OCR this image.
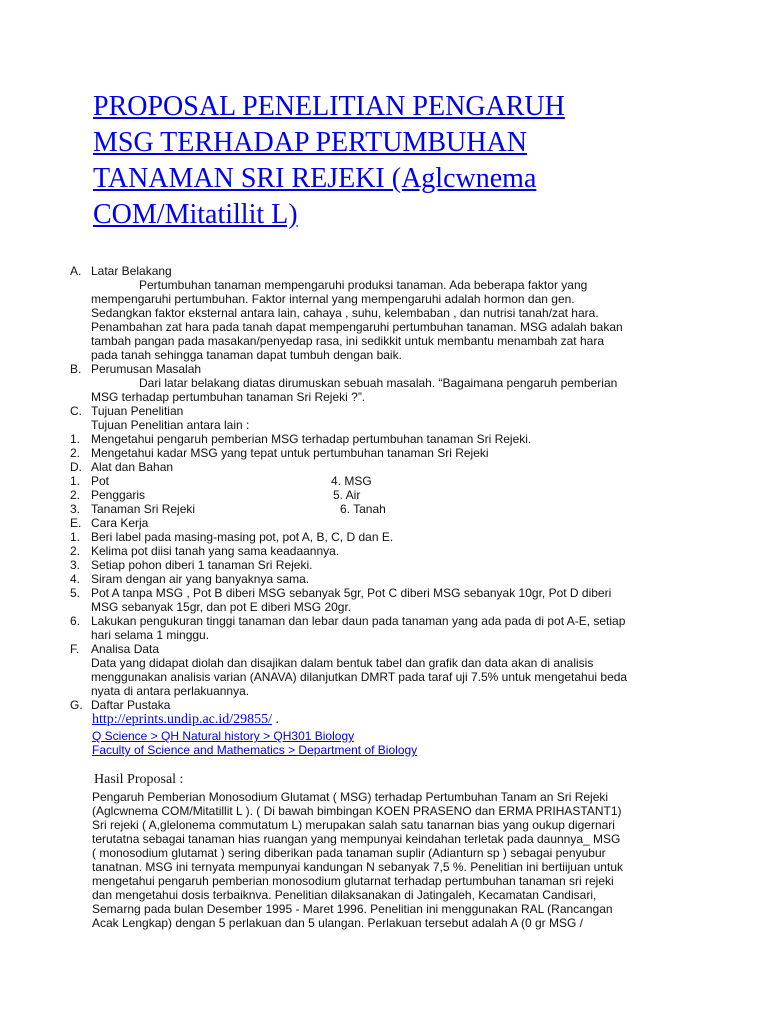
PROPOSAL PENELITIAN PENGARUH
MSG TERHADAP PERTUMBUHAN
TANAMAN SRI REJEKI (Aglcwnema
COM/Mitatillit L)
A. Latar Belakang
Pertumbuhan tanaman mempengaruhi produksi tanaman. Ada beberapa faktor yang
mempengaruhi pertumbuhan. Faktor internal yang mempengaruhi adalah hormon dan gen.
Sedangkan faktor eksternal antara lain, cahaya , suhu, kelembaban , dan nutrisi tanah/zat hara.
Penambahan zat hara pada tanah dapat mempengaruhi pertumbuhan tanaman. MSG adalah bakan
tambah pangan pada masakan/penyedap rasa, ini sedikkit untuk membantu menambah zat hara
pada tanah sehingga tanaman dapat tumbuh dengan baik.
B. Perumusan Masalah
Dari latar belakang diatas dirumuskan sebuah masalah. “Bagaimana pengaruh pemberian
MSG terhadap pertumbuhan tanaman Sri Rejeki ?”.
C. Tujuan Penelitian
Tujuan Penelitian antara lain :
1. Mengetahui pengaruh pemberian MSG terhadap pertumbuhan tanaman Sri Rejeki.
2. Mengetahui kadar MSG yang tepat untuk pertumbuhan tanaman Sri Rejeki
D. Alat dan Bahan
1. Pot	4. MSG
2. Penggaris	5. Air
3. Tanaman Sri Rejeki	6. Tanah
E. Cara Kerja
1. Beri label pada masing-masing pot, pot A, B, C, D dan E.
2. Kelima pot diisi tanah yang sama keadaannya.
3. Setiap pohon diberi 1 tanaman Sri Rejeki.
4. Siram dengan air yang banyaknya sama.
5. Pot A tanpa MSG , Pot B diberi MSG sebanyak 5gr, Pot C diberi MSG sebanyak 10gr, Pot D diberi
MSG sebanyak 15gr, dan pot E diberi MSG 20gr.
6. Lakukan pengukuran tinggi tanaman dan lebar daun pada tanaman yang ada pada di pot A-E, setiap
hari selama 1 minggu.
F. Analisa Data
Data yang didapat diolah dan disajikan dalam bentuk tabel dan grafik dan data akan di analisis
menggunakan analisis varian (ANAVA) dilanjutkan DMRT pada taraf uji 7.5% untuk mengetahui beda
nyata di antara perlakuannya.
G. Daftar Pustaka
http://eprints.undip.ac.id/29855/ .
Q Science > QH Natural history > QH301 Biology
Faculty of Science and Mathematics > Department of Biology
Hasil Proposal :
Pengaruh Pemberian Monosodium Glutamat ( MSG) terhadap Pertumbuhan Tanam an Sri Rejeki
(Aglcwnema COM/Mitatillit L ). ( Di bawah bimbingan KOEN PRASENO dan ERMA PRIHASTANT1)
Sri rejeki ( A,glelonema commutatum L) merupakan salah satu tanarnan bias yang oukup digernari
terutatna sebagai tanaman hias ruangan yang mempunyai keindahan terletak pada daunnya_ MSG
( monosodium glutamat ) sering diberikan pada tanaman suplir (Adianturn sp ) sebagai penyubur
tanatnan. MSG ini ternyata mempunyai kandungan N sebanyak 7,5 %. Penelitian ini bertiijuan untuk
mengetahui pengaruh pemberian monosodium glutarnat terhadap pertumbuhan tanaman sri rejeki
dan mengetahui dosis terbaiknva. Penelitian dilaksanakan di Jatingaleh, Kecamatan Candisari,
Semarng pada bulan Desember 1995 - Maret 1996. Penelitian ini menggunakan RAL (Rancangan
Acak Lengkap) dengan 5 perlakuan dan 5 ulangan. Perlakuan tersebut adalah A (0 gr MSG /
